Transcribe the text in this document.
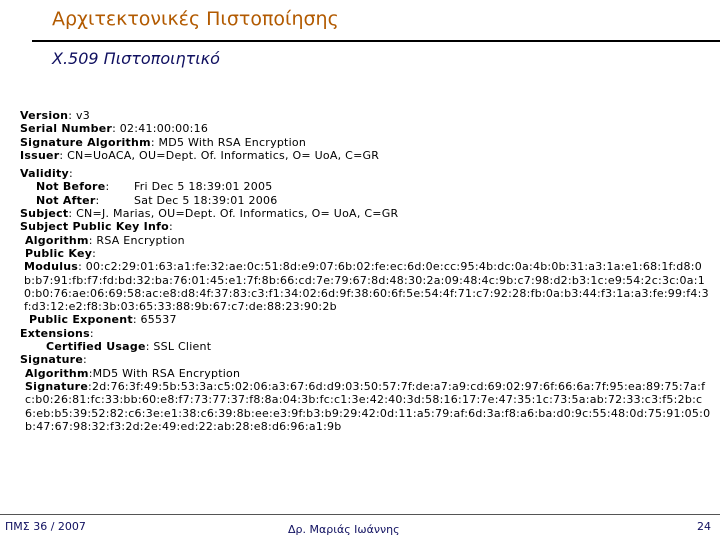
Αρχιτεκτονικές Πιστοποίησης
X.509 Πιστοποιητικό
Version: v3
Serial Number: 02:41:00:00:16
Signature Algorithm: MD5 With RSA Encryption
Issuer: CN=UoACA, OU=Dept. Of. Informatics, O= UoA, C=GR
Validity:
Not Before: Fri Dec 5 18:39:01 2005
Not After:	Sat Dec 5 18:39:01 2006
Subject: CN=J. Marias, OU=Dept. Of. Informatics, O= UoA, C=GR
Subject Public Key Info:
Algorithm: RSA Encryption
Public Key:
Modulus: 00:c2:29:01:63:a1:fe:32:ae:0c:51:8d:e9:07:6b:02:fe:ec:6d:0e:cc:95:4b:dc:0a:4b:0b:31:a3:1a:e1:68:1f:d8:0b:b7:91:fb:f7:fd:bd:32:ba:76:01:45:e1:7f:8b:66:cd:7e:79:67:8d:48:30:2a:09:48:4c:9b:c7:98:d2:b3:1c:e9:54:2c:3c:0a:10:b0:76:ae:06:69:58:ac:e8:d8:4f:37:83:c3:f1:34:02:6d:9f:38:60:6f:5e:54:4f:71:c7:92:28:fb:0a:b3:44:f3:1a:a3:fe:99:f4:3f:d3:12:e2:f8:3b:03:65:33:88:9b:67:c7:de:88:23:90:2b
Public Exponent: 65537
Extensions:
Certified Usage: SSL Client
Signature:
Algorithm:MD5 With RSA Encryption
Signature:2d:76:3f:49:5b:53:3a:c5:02:06:a3:67:6d:d9:03:50:57:7f:de:a7:a9:cd:69:02:97:6f:66:6a:7f:95:ea:89:75:7a:fc:b0:26:81:fc:33:bb:60:e8:f7:73:77:37:f8:8a:04:3b:fc:c1:3e:42:40:3d:58:16:17:7e:47:35:1c:73:5a:ab:72:33:c3:f5:2b:c6:eb:b5:39:52:82:c6:3e:e1:38:c6:39:8b:ee:e3:9f:b3:b9:29:42:0d:11:a5:79:af:6d:3a:f8:a6:ba:d0:9c:55:48:0d:75:91:05:0b:47:67:98:32:f3:2d:2e:49:ed:22:ab:28:e8:d6:96:a1:9b
ΠΜΣ 36 / 2007	Δρ. Μαριάς Ιωάννης	24
